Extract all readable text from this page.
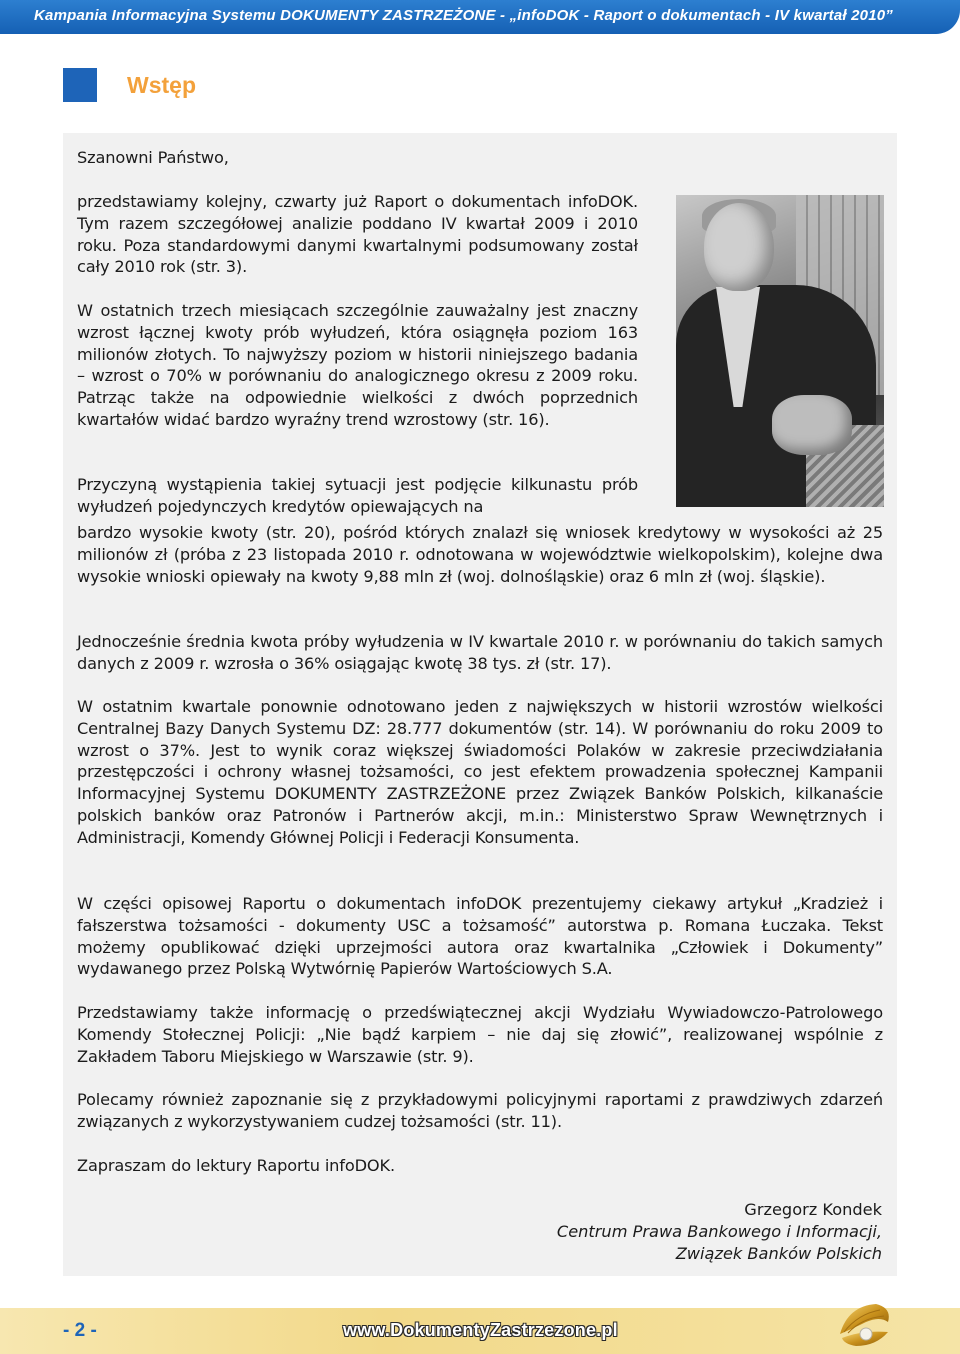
Kampania Informacyjna Systemu DOKUMENTY ZASTRZEŻONE - „infoDOK - Raport o dokumentach - IV kwartał 2010”
Wstęp
Szanowni Państwo,
przedstawiamy kolejny, czwarty już Raport o dokumentach infoDOK. Tym razem szczegółowej analizie poddano IV kwartał 2009 i 2010 roku. Poza standardowymi danymi kwartalnymi podsumowany został cały 2010 rok (str. 3).
W ostatnich trzech miesiącach szczególnie zauważalny jest znaczny wzrost łącznej kwoty prób wyłudzeń, która osiągnęła poziom 163 milionów złotych. To najwyższy poziom w historii niniejszego badania – wzrost o 70% w porównaniu do analogicznego okresu z 2009 roku. Patrząc także na odpowiednie wielkości z dwóch poprzednich kwartałów widać bardzo wyraźny trend wzrostowy (str. 16).
Przyczyną wystąpienia takiej sytuacji jest podjęcie kilkunastu prób wyłudzeń pojedynczych kredytów opiewających na
bardzo wysokie kwoty (str. 20), pośród których znalazł się wniosek kredytowy w wysokości aż 25 milionów zł (próba z 23 listopada 2010 r. odnotowana w województwie wielkopolskim), kolejne dwa wysokie wnioski opiewały na kwoty 9,88 mln zł (woj. dolnośląskie) oraz 6 mln zł (woj. śląskie).
Jednocześnie średnia kwota próby wyłudzenia w IV kwartale 2010 r. w porównaniu do takich samych danych z 2009 r. wzrosła o 36% osiągając kwotę 38 tys. zł (str. 17).
W ostatnim kwartale ponownie odnotowano jeden z największych w historii wzrostów wielkości Centralnej Bazy Danych Systemu DZ: 28.777 dokumentów (str. 14). W porównaniu do roku 2009 to wzrost o 37%. Jest to wynik coraz większej świadomości Polaków w zakresie przeciwdziałania przestępczości i ochrony własnej tożsamości, co jest efektem prowadzenia społecznej Kampanii Informacyjnej Systemu DOKUMENTY ZASTRZEŻONE przez Związek Banków Polskich, kilkanaście polskich banków oraz Patronów i Partnerów akcji, m.in.: Ministerstwo Spraw Wewnętrznych i Administracji, Komendy Głównej Policji i Federacji Konsumenta.
W części opisowej Raportu o dokumentach infoDOK prezentujemy ciekawy artykuł „Kradzież i fałszerstwa tożsamości - dokumenty USC a tożsamość” autorstwa p. Romana Łuczaka. Tekst możemy opublikować dzięki uprzejmości autora oraz kwartalnika „Człowiek i Dokumenty” wydawanego przez Polską Wytwórnię Papierów Wartościowych S.A.
Przedstawiamy także informację o przedświątecznej akcji Wydziału Wywiadowczo-Patrolowego Komendy Stołecznej Policji: „Nie bądź karpiem – nie daj się złowić”, realizowanej wspólnie z Zakładem Taboru Miejskiego w Warszawie (str. 9).
Polecamy również zapoznanie się z przykładowymi policyjnymi raportami z prawdziwych zdarzeń związanych z wykorzystywaniem cudzej tożsamości (str. 11).
Zapraszam do lektury Raportu infoDOK.
Grzegorz Kondek
Centrum Prawa Bankowego i Informacji,
Związek Banków Polskich
- 2 -	www.DokumentyZastrzezone.pl
